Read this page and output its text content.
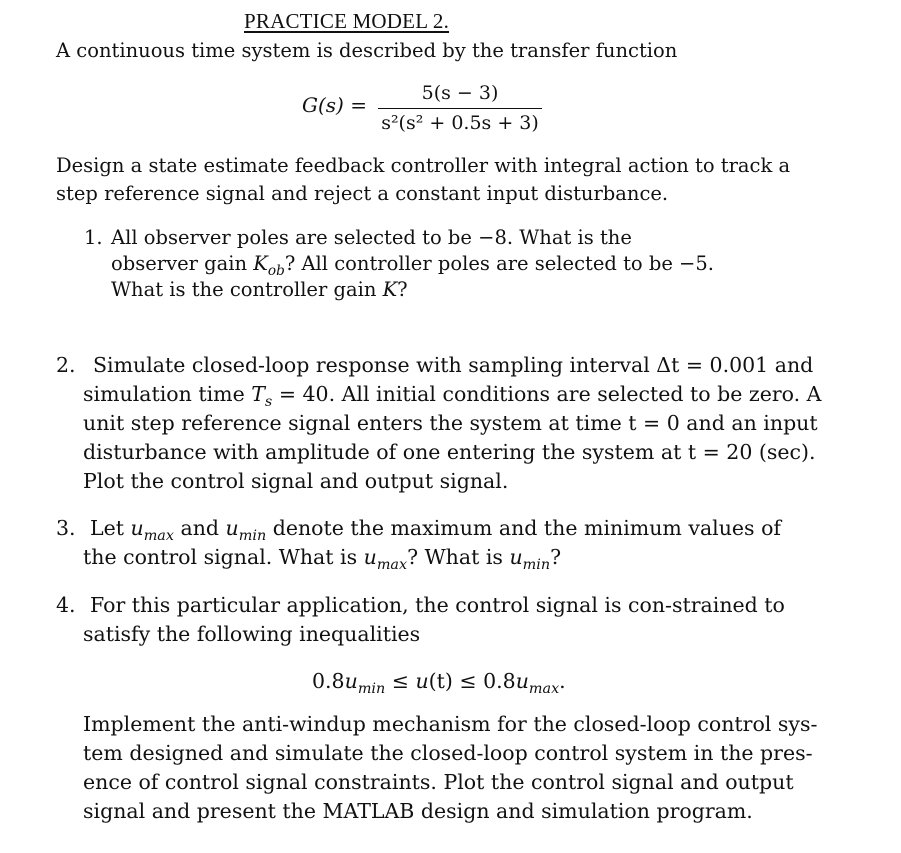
PRACTICE MODEL 2.
A continuous time system is described by the transfer function
G(s) =	5(s − 3)
s²(s² + 0.5s + 3)
Design a state estimate feedback controller with integral action to track a
step reference signal and reject a constant input disturbance.
1. All observer poles are selected to be −8. What is the
observer gain $K_{ob}$? All controller poles are selected to be −5.
What is the controller gain K?
2. Simulate closed-loop response with sampling interval Δt = 0.001 and
simulation time $T_s = 40$. All initial conditions are selected to be zero. A
unit step reference signal enters the system at time t = 0 and an input
disturbance with amplitude of one entering the system at t = 20 (sec).
Plot the control signal and output signal.
3. Let $u_{max}$ and $u_{min}$ denote the maximum and the minimum values of
the control signal. What is $u_{max}$? What is $u_{min}$?
4. For this particular application, the control signal is con-strained to
satisfy the following inequalities
$0.8u_{min} \le u(t) \le 0.8u_{max}$.
Implement the anti-windup mechanism for the closed-loop control sys-
tem designed and simulate the closed-loop control system in the pres-
ence of control signal constraints. Plot the control signal and output
signal and present the MATLAB design and simulation program.
